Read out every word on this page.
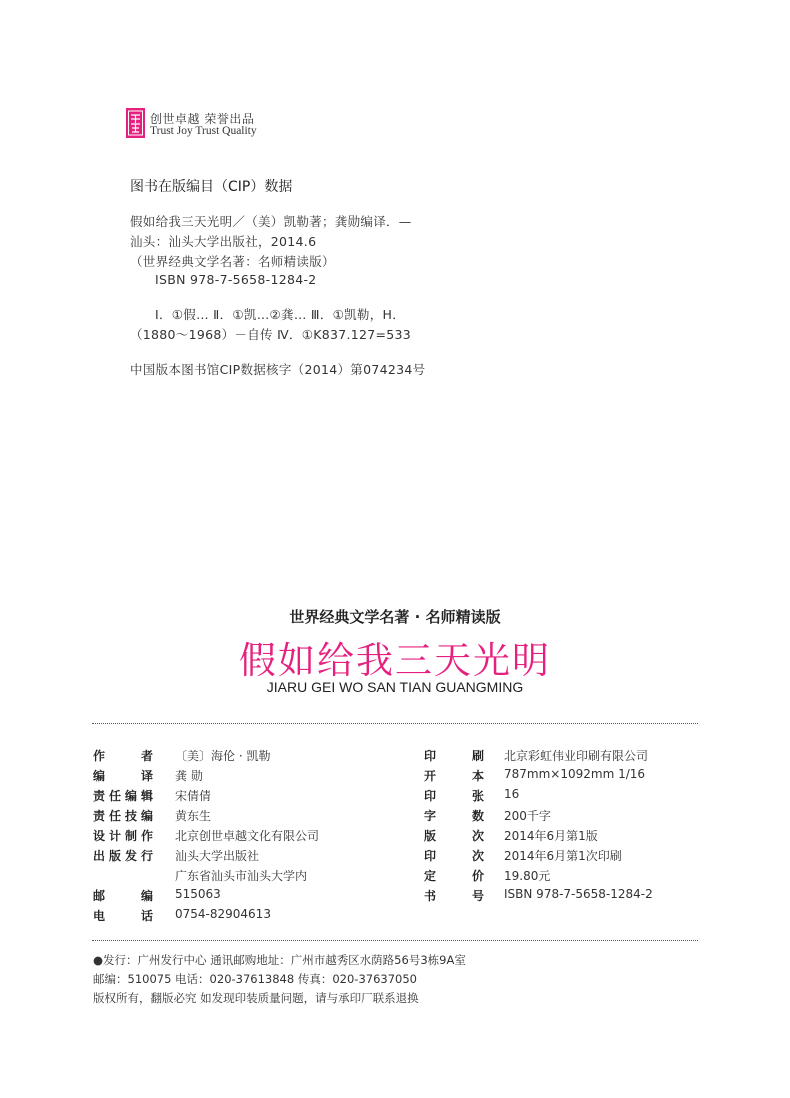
创世卓越 荣誉出品
Trust Joy Trust Quality
图书在版编目（CIP）数据
假如给我三天光明／（美）凯勒著；龚勋编译．—
汕头：汕头大学出版社，2014.6
（世界经典文学名著：名师精读版）
ISBN 978-7-5658-1284-2
Ⅰ．①假… Ⅱ．①凯…②龚… Ⅲ．①凯勒，H．
（1880～1968）－自传 Ⅳ．①K837.127=533
中国版本图书馆CIP数据核字（2014）第074234号
世界经典文学名著 · 名师精读版
假如给我三天光明
JIARU GEI WO SAN TIAN GUANGMING
作者 〔美〕海伦 · 凯勒
编译 龚 勋
责任编辑 宋倩倩
责任技编 黄东生
设计制作 北京创世卓越文化有限公司
出版发行 汕头大学出版社
广东省汕头市汕头大学内
邮编 515063
电话 0754-82904613
印刷 北京彩虹伟业印刷有限公司
开本 787mm×1092mm 1/16
印张 16
字数 200千字
版次 2014年6月第1版
印次 2014年6月第1次印刷
定价 19.80元
书号 ISBN 978-7-5658-1284-2
●发行：广州发行中心 通讯邮购地址：广州市越秀区水荫路56号3栋9A室
邮编：510075 电话：020-37613848 传真：020-37637050
版权所有，翻版必究 如发现印装质量问题，请与承印厂联系退换
